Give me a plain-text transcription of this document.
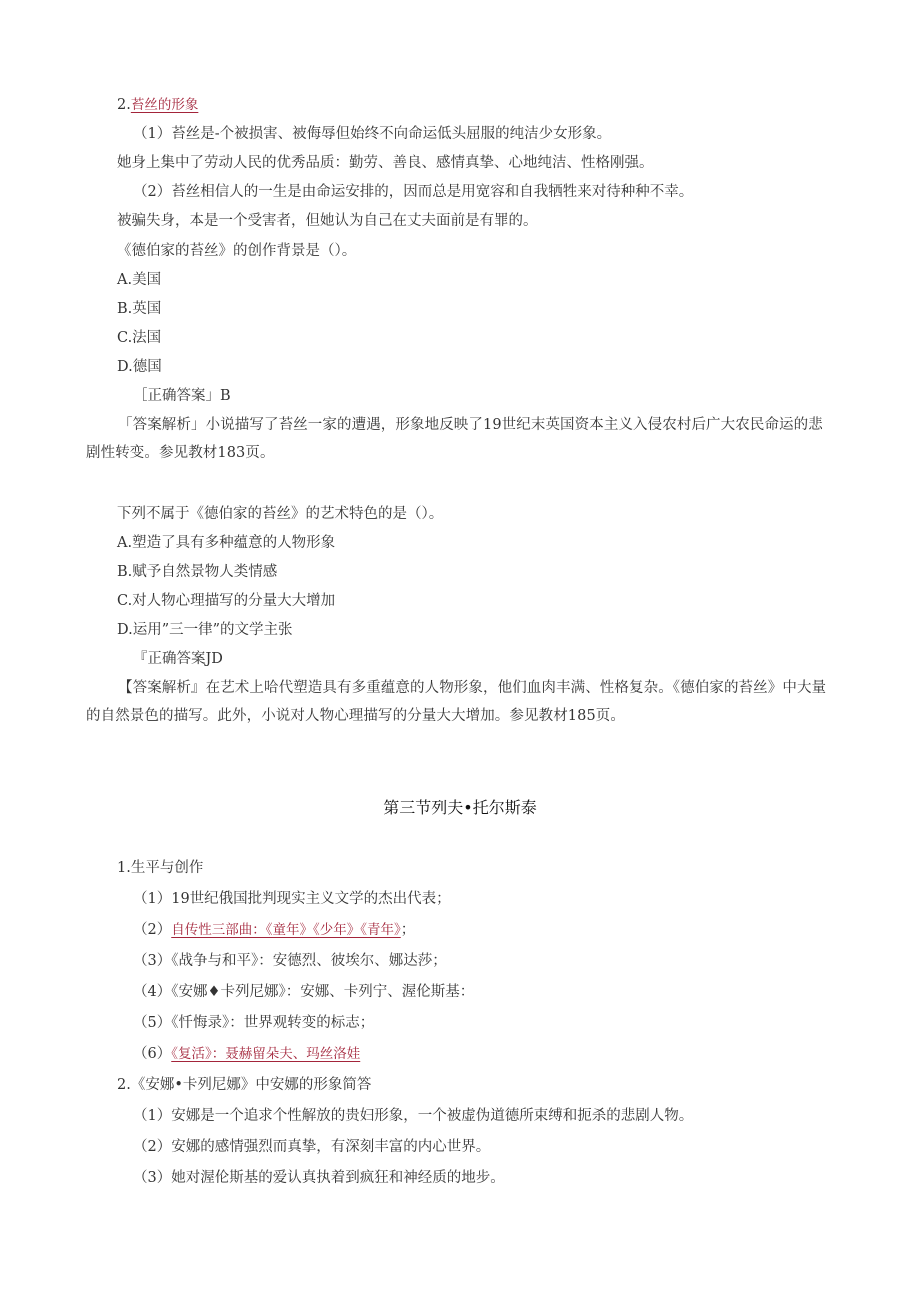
2.苔丝的形象
（1）苔丝是-个被损害、被侮辱但始终不向命运低头屈服的纯洁少女形象。
她身上集中了劳动人民的优秀品质：勤劳、善良、感情真挚、心地纯洁、性格刚强。
（2）苔丝相信人的一生是由命运安排的，因而总是用宽容和自我牺牲来对待种种不幸。
被骗失身，本是一个受害者，但她认为自己在丈夫面前是有罪的。
《德伯家的苔丝》的创作背景是（）。
A.美国
B.英国
C.法国
D.德国
［正确答案」B
「答案解析」小说描写了苔丝一家的遭遇，形象地反映了19世纪末英国资本主义入侵农村后广大农民命运的悲剧性转变。参见教材183页。
下列不属于《德伯家的苔丝》的艺术特色的是（）。
A.塑造了具有多种蕴意的人物形象
B.赋予自然景物人类情感
C.对人物心理描写的分量大大增加
D.运用”三一律”的文学主张
『正确答案JD
【答案解析』在艺术上哈代塑造具有多重蕴意的人物形象，他们血肉丰满、性格复杂。《德伯家的苔丝》中大量的自然景色的描写。此外，小说对人物心理描写的分量大大增加。参见教材185页。
第三节列夫•托尔斯泰
1.生平与创作
（1）19世纪俄国批判现实主义文学的杰出代表；
（2）自传性三部曲：《童年》《少年》《青年》；
（3）《战争与和平》：安德烈、彼埃尔、娜达莎；
（4）《安娜♦卡列尼娜》：安娜、卡列宁、渥伦斯基：
（5）《忏悔录》：世界观转变的标志；
（6）《复活》：聂赫留朵夫、玛丝洛娃
2.《安娜•卡列尼娜》中安娜的形象简答
（1）安娜是一个追求个性解放的贵妇形象，一个被虚伪道德所束缚和扼杀的悲剧人物。
（2）安娜的感情强烈而真挚，有深刻丰富的内心世界。
（3）她对渥伦斯基的爱认真执着到疯狂和神经质的地步。
